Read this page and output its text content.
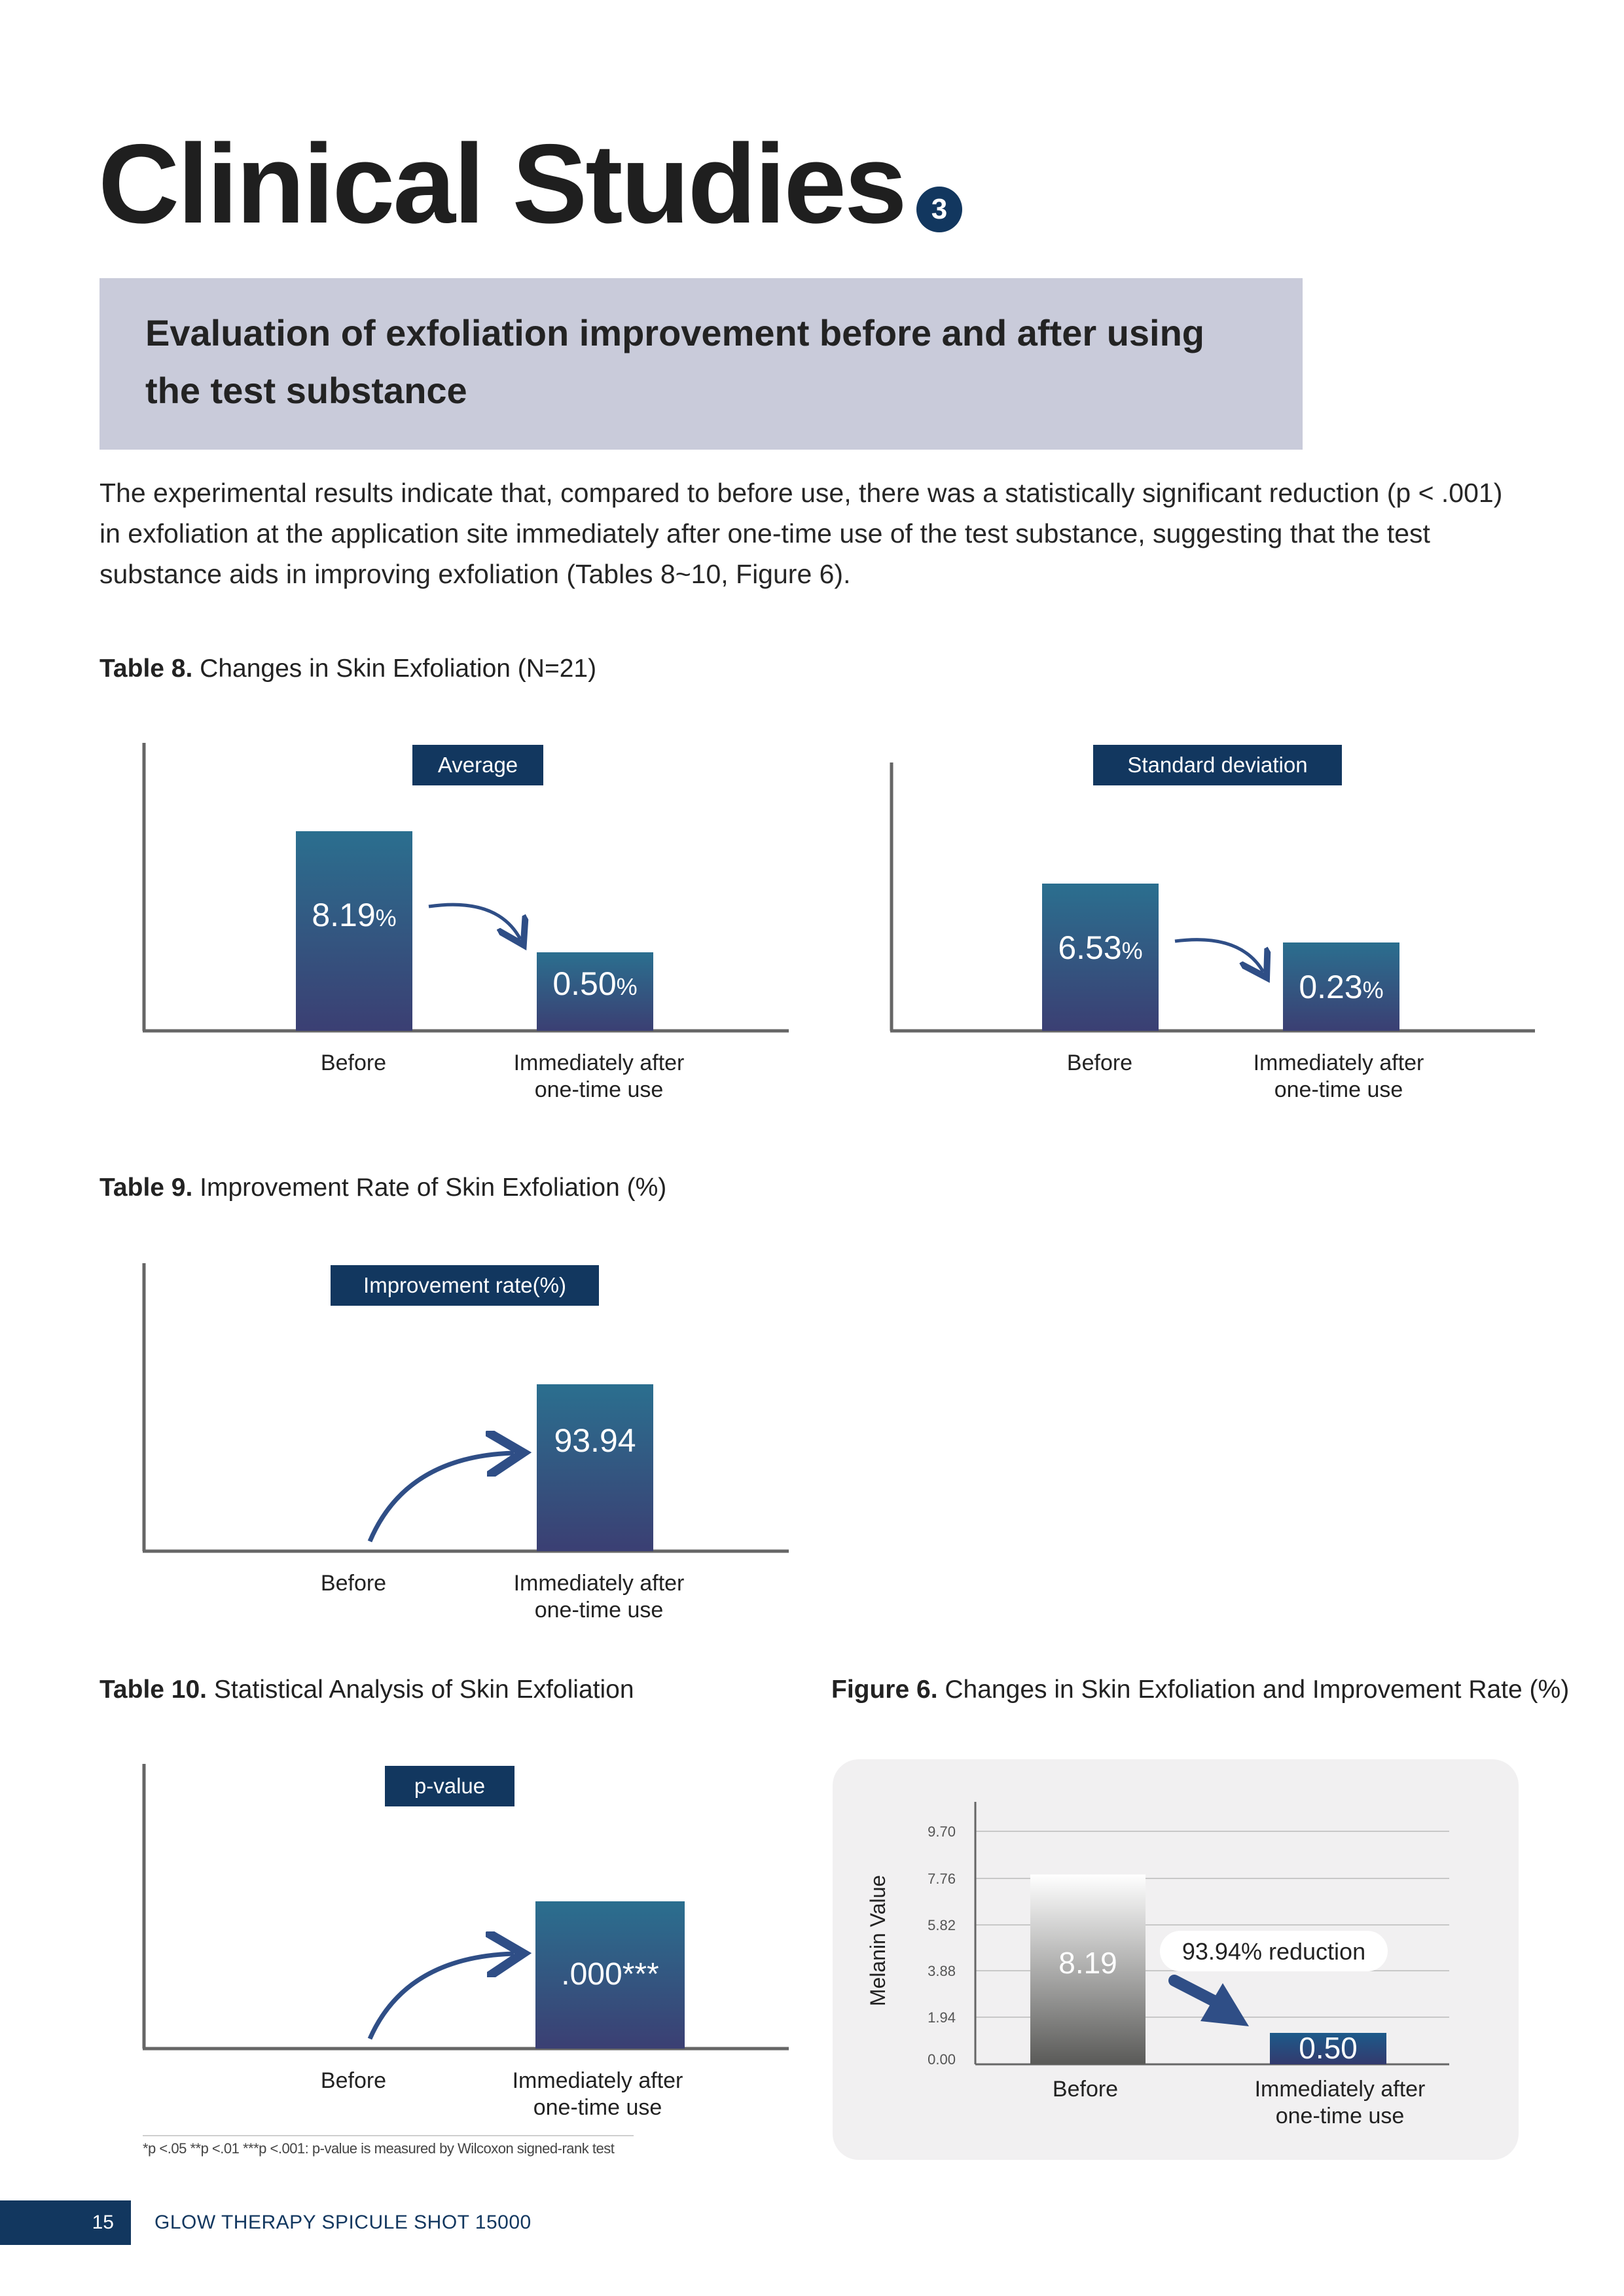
Clinical Studies 3
Evaluation of exfoliation improvement before and after using the test substance
The experimental results indicate that, compared to before use, there was a statistically significant reduction (p < .001) in exfoliation at the application site immediately after one-time use of the test substance, suggesting that the test substance aids in improving exfoliation (Tables 8~10, Figure 6).
Table 8. Changes in Skin Exfoliation (N=21)
Table 9. Improvement Rate of Skin Exfoliation (%)
Table 10. Statistical Analysis of Skin Exfoliation	Figure 6. Changes in Skin Exfoliation and Improvement Rate (%)
Average
8.19%
0.50%
Before	Immediately after one-time use
Standard deviation
6.53%
0.23%
Before	Immediately after one-time use
Improvement rate(%)
93.94
Before	Immediately after one-time use
p-value
.000***
Before	Immediately after one-time use
*p <.05 **p <.01 ***p <.001: p-value is measured by Wilcoxon signed-rank test
9.70
7.76
5.82
3.88
1.94
0.00
Melanin Value	8.19
0.50
93.94% reduction
Before	Immediately after one-time use
15	GLOW THERAPY SPICULE SHOT 15000
